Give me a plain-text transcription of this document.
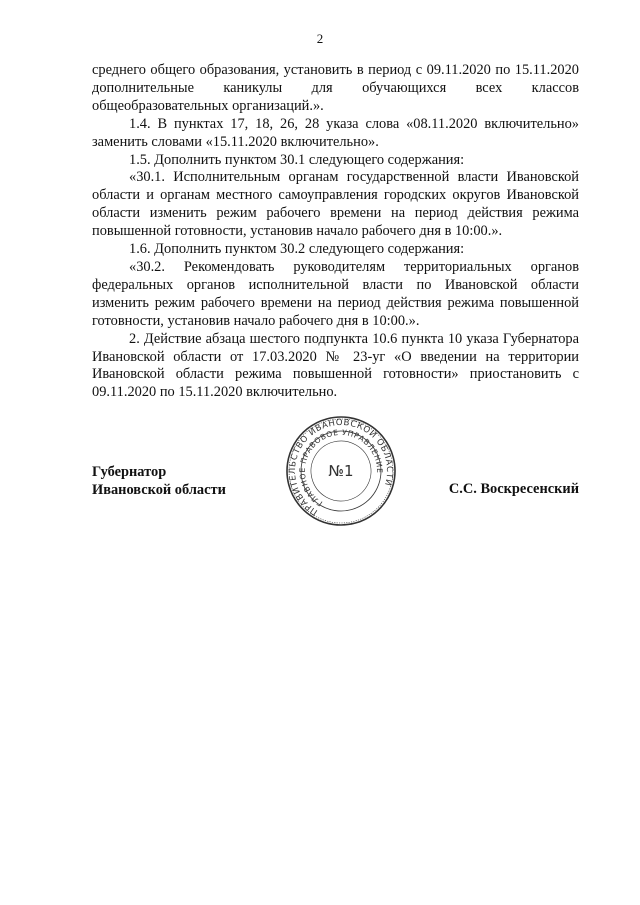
2

среднего общего образования, установить в период с 09.11.2020 по 15.11.2020 дополнительные каникулы для обучающихся всех классов общеобразовательных организаций.».

1.4. В пунктах 17, 18, 26, 28 указа слова «08.11.2020 включительно» заменить словами «15.11.2020 включительно».

1.5. Дополнить пунктом 30.1 следующего содержания:

«30.1. Исполнительным органам государственной власти Ивановской области и органам местного самоуправления городских округов Ивановской области изменить режим рабочего времени на период действия режима повышенной готовности, установив начало рабочего дня в 10:00.».

1.6. Дополнить пунктом 30.2 следующего содержания:

«30.2. Рекомендовать руководителям территориальных органов федеральных органов исполнительной власти по Ивановской области изменить режим рабочего времени на период действия режима повышенной готовности, установив начало рабочего дня в 10:00.».

2. Действие абзаца шестого подпункта 10.6 пункта 10 указа Губернатора Ивановской области от 17.03.2020 № 23-уг «О введении на территории Ивановской области режима повышенной готовности» приостановить с 09.11.2020 по 15.11.2020 включительно.

Губернатор
Ивановской области
ПРАВИТЕЛЬСТВО ИВАНОВСКОЙ ОБЛАСТИ
ГЛАВНОЕ ПРАВОВОЕ УПРАВЛЕНИЕ
№1
С.С. Воскресенский
